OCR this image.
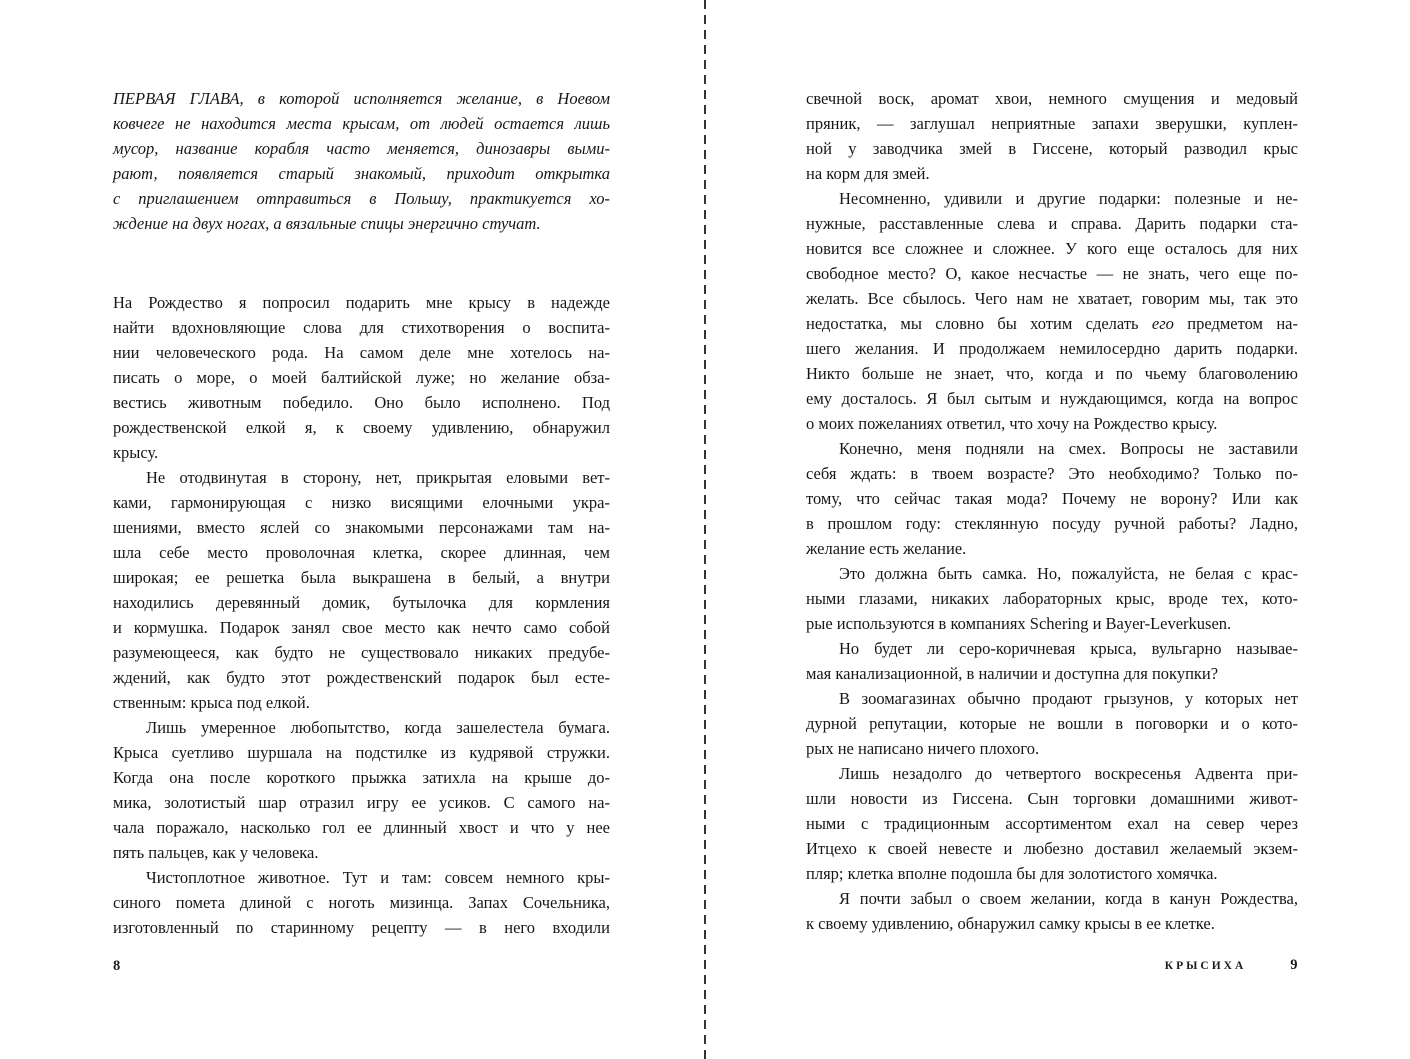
ПЕРВАЯ ГЛАВА, в которой исполняется желание, в Ноевом
ковчеге не находится места крысам, от людей остается лишь
мусор, название корабля часто меняется, динозавры выми-
рают, появляется старый знакомый, приходит открытка
с приглашением отправиться в Польшу, практикуется хо-
ждение на двух ногах, а вязальные спицы энергично стучат.
На Рождество я попросил подарить мне крысу в надежде
найти вдохновляющие слова для стихотворения о воспита-
нии человеческого рода. На самом деле мне хотелось на-
писать о море, о моей балтийской луже; но желание обза-
вестись животным победило. Оно было исполнено. Под
рождественской елкой я, к своему удивлению, обнаружил
крысу.
Не отодвинутая в сторону, нет, прикрытая еловыми вет-
ками, гармонирующая с низко висящими елочными укра-
шениями, вместо яслей со знакомыми персонажами там на-
шла себе место проволочная клетка, скорее длинная, чем
широкая; ее решетка была выкрашена в белый, а внутри
находились деревянный домик, бутылочка для кормления
и кормушка. Подарок занял свое место как нечто само собой
разумеющееся, как будто не существовало никаких предубе-
ждений, как будто этот рождественский подарок был есте-
ственным: крыса под елкой.
Лишь умеренное любопытство, когда зашелестела бумага.
Крыса суетливо шуршала на подстилке из кудрявой стружки.
Когда она после короткого прыжка затихла на крыше до-
мика, золотистый шар отразил игру ее усиков. С самого на-
чала поражало, насколько гол ее длинный хвост и что у нее
пять пальцев, как у человека.
Чистоплотное животное. Тут и там: совсем немного кры-
синого помета длиной с ноготь мизинца. Запах Сочельника,
изготовленный по старинному рецепту — в него входили
свечной воск, аромат хвои, немного смущения и медовый
пряник, — заглушал неприятные запахи зверушки, куплен-
ной у заводчика змей в Гиссене, который разводил крыс
на корм для змей.
Несомненно, удивили и другие подарки: полезные и не-
нужные, расставленные слева и справа. Дарить подарки ста-
новится все сложнее и сложнее. У кого еще осталось для них
свободное место? О, какое несчастье — не знать, чего еще по-
желать. Все сбылось. Чего нам не хватает, говорим мы, так это
недостатка, мы словно бы хотим сделать его предметом на-
шего желания. И продолжаем немилосердно дарить подарки.
Никто больше не знает, что, когда и по чьему благоволению
ему досталось. Я был сытым и нуждающимся, когда на вопрос
о моих пожеланиях ответил, что хочу на Рождество крысу.
Конечно, меня подняли на смех. Вопросы не заставили
себя ждать: в твоем возрасте? Это необходимо? Только по-
тому, что сейчас такая мода? Почему не ворону? Или как
в прошлом году: стеклянную посуду ручной работы? Ладно,
желание есть желание.
Это должна быть самка. Но, пожалуйста, не белая с крас-
ными глазами, никаких лабораторных крыс, вроде тех, кото-
рые используются в компаниях Schering и Bayer-Leverkusen.
Но будет ли серо-коричневая крыса, вульгарно называе-
мая канализационной, в наличии и доступна для покупки?
В зоомагазинах обычно продают грызунов, у которых нет
дурной репутации, которые не вошли в поговорки и о кото-
рых не написано ничего плохого.
Лишь незадолго до четвертого воскресенья Адвента при-
шли новости из Гиссена. Сын торговки домашними живот-
ными с традиционным ассортиментом ехал на север через
Итцехо к своей невесте и любезно доставил желаемый экзем-
пляр; клетка вполне подошла бы для золотистого хомячка.
Я почти забыл о своем желании, когда в канун Рождества,
к своему удивлению, обнаружил самку крысы в ее клетке.
8	КРЫСИХА	9
